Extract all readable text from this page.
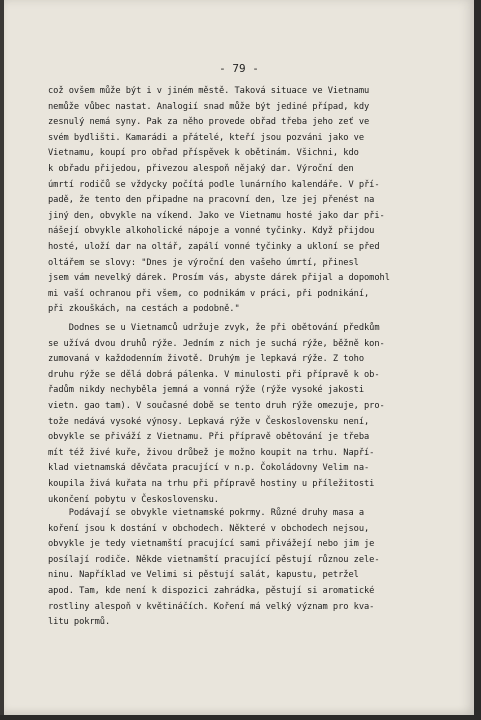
- 79 -
což ovšem může být i v jiném městě. Taková situace ve Vietnamu
nemůže vůbec nastat. Analogií snad může být jediné případ, kdy
zesnulý nemá syny. Pak za něho provede obřad třeba jeho zeť ve
svém bydlišti. Kamarádi a přátelé, kteří jsou pozváni jako ve
Vietnamu, koupí pro obřad příspěvek k obětinám. Všichni, kdo
k obřadu přijedou, přivezou alespoň nějaký dar. Výroční den
úmrtí rodičů se vždycky počítá podle lunárního kalendáře. V pří-
padě, že tento den připadne na pracovní den, lze jej přenést na
jiný den, obvykle na víkend. Jako ve Vietnamu hosté jako dar při-
nášejí obvykle alkoholické nápoje a vonné tyčinky. Když přijdou
hosté, uloží dar na oltář, zapálí vonné tyčinky a ukloní se před
oltářem se slovy: "Dnes je výroční den vašeho úmrtí, přinesl
jsem vám nevelký dárek. Prosím vás, abyste dárek přijal a dopomohl
mi vaší ochranou při všem, co podnikám v práci, při podnikání,
při zkouškách, na cestách a podobně."
Dodnes se u Vietnamců udržuje zvyk, že při obětování předkům
se užívá dvou druhů rýže. Jedním z nich je suchá rýže, běžně kon-
zumovaná v každodenním životě. Druhým je lepkavá rýže. Z toho
druhu rýže se dělá dobrá pálenka. V minulosti při přípravě k ob-
řadům nikdy nechyběla jemná a vonná rýže (rýže vysoké jakosti
vietn. gao tam). V současné době se tento druh rýže omezuje, pro-
tože nedává vysoké výnosy. Lepkavá rýže v Československu není,
obvykle se přiváží z Vietnamu. Při přípravě obětování je třeba
mít též živé kuře, živou drůbež je možno koupit na trhu. Napří-
klad vietnamská děvčata pracující v n.p. Čokoládovny Velim na-
koupila živá kuřata na trhu při přípravě hostiny u příležitosti
ukončení pobytu v Československu.
Podávají se obvykle vietnamské pokrmy. Různé druhy masa a
koření jsou k dostání v obchodech. Některé v obchodech nejsou,
obvykle je tedy vietnamští pracující sami přivážejí nebo jim je
posílají rodiče. Někde vietnamští pracující pěstují různou zele-
ninu. Například ve Velimi si pěstují salát, kapustu, petržel
apod. Tam, kde není k dispozici zahrádka, pěstují si aromatické
rostliny alespoň v květináčích. Koření má velký význam pro kva-
litu pokrmů.
